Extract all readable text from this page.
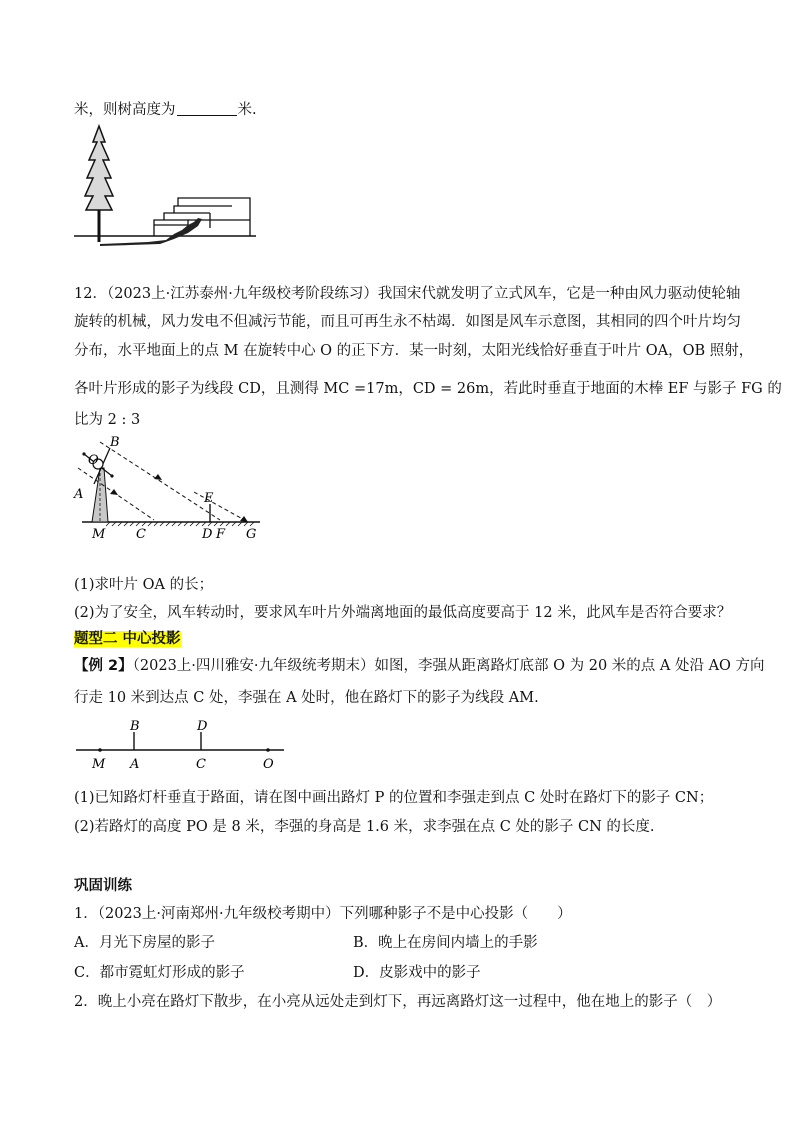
米，则树高度为	米.
12．（2023上·江苏泰州·九年级校考阶段练习）我国宋代就发明了立式风车，它是一种由风力驱动使轮轴
旋转的机械，风力发电不但减污节能，而且可再生永不枯竭．如图是风车示意图，其相同的四个叶片均匀
分布，水平地面上的点 M 在旋转中心 O 的正下方．某一时刻，太阳光线恰好垂直于叶片 OA，OB 照射，
各叶片形成的影子为线段 CD，且测得 MC =17m，CD = 26m，若此时垂直于地面的木棒 EF 与影子 FG 的
比为 2 : 3
B
O
A	E
M C	D F G
(1)求叶片 OA 的长；
(2)为了安全，风车转动时，要求风车叶片外端离地面的最低高度要高于 12 米，此风车是否符合要求？
题型二 中心投影
【例 2】（2023上·四川雅安·九年级统考期末）如图，李强从距离路灯底部 O 为 20 米的点 A 处沿 AO 方向
行走 10 米到达点 C 处，李强在 A 处时，他在路灯下的影子为线段 AM.
B	D
M A	C	O
(1)已知路灯杆垂直于路面，请在图中画出路灯 P 的位置和李强走到点 C 处时在路灯下的影子 CN；
(2)若路灯的高度 PO 是 8 米，李强的身高是 1.6 米，求李强在点 C 处的影子 CN 的长度.
巩固训练
1．（2023上·河南郑州·九年级校考期中）下列哪种影子不是中心投影（　　）
A．月光下房屋的影子	B．晚上在房间内墙上的手影
C．都市霓虹灯形成的影子	D．皮影戏中的影子
2．晚上小亮在路灯下散步，在小亮从远处走到灯下，再远离路灯这一过程中，他在地上的影子（　）
